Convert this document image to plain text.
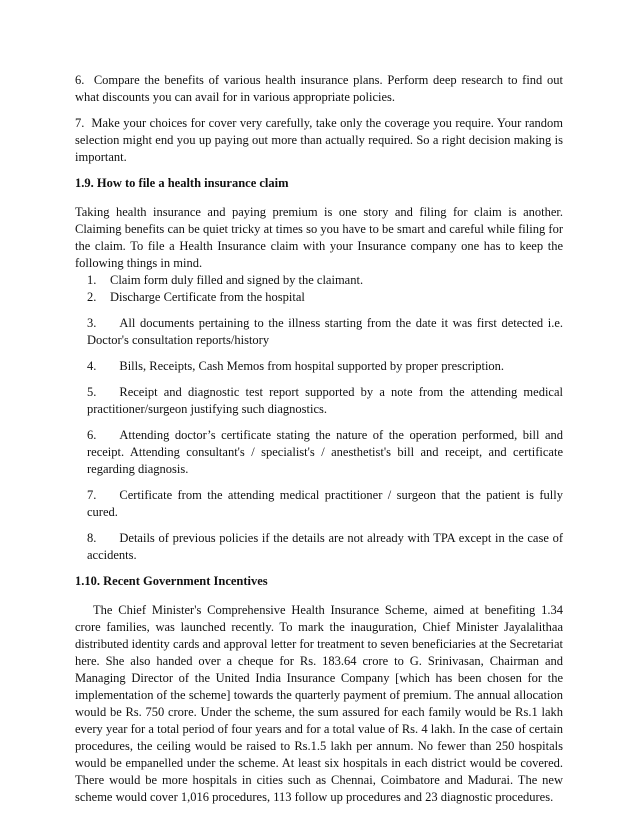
6. Compare the benefits of various health insurance plans. Perform deep research to find out what discounts you can avail for in various appropriate policies.

7. Make your choices for cover very carefully, take only the coverage you require. Your random selection might end you up paying out more than actually required. So a right decision making is important.

1.9. How to file a health insurance claim

Taking health insurance and paying premium is one story and filing for claim is another. Claiming benefits can be quiet tricky at times so you have to be smart and careful while filing for the claim. To file a Health Insurance claim with your Insurance company one has to keep the following things in mind.

1.	Claim form duly filled and signed by the claimant.
2.	Discharge Certificate from the hospital

3. All documents pertaining to the illness starting from the date it was first detected i.e. Doctor's consultation reports/history

4. Bills, Receipts, Cash Memos from hospital supported by proper prescription.

5. Receipt and diagnostic test report supported by a note from the attending medical practitioner/surgeon justifying such diagnostics.

6. Attending doctor’s certificate stating the nature of the operation performed, bill and receipt. Attending consultant's / specialist's / anesthetist's bill and receipt, and certificate regarding diagnosis.

7. Certificate from the attending medical practitioner / surgeon that the patient is fully cured.

8. Details of previous policies if the details are not already with TPA except in the case of accidents.

1.10. Recent Government Incentives

The Chief Minister's Comprehensive Health Insurance Scheme, aimed at benefiting 1.34 crore families, was launched recently. To mark the inauguration, Chief Minister Jayalalithaa distributed identity cards and approval letter for treatment to seven beneficiaries at the Secretariat here. She also handed over a cheque for Rs. 183.64 crore to G. Srinivasan, Chairman and Managing Director of the United India Insurance Company [which has been chosen for the implementation of the scheme] towards the quarterly payment of premium. The annual allocation would be Rs. 750 crore. Under the scheme, the sum assured for each family would be Rs.1 lakh every year for a total period of four years and for a total value of Rs. 4 lakh. In the case of certain procedures, the ceiling would be raised to Rs.1.5 lakh per annum. No fewer than 250 hospitals would be empanelled under the scheme. At least six hospitals in each district would be covered. There would be more hospitals in cities such as Chennai, Coimbatore and Madurai. The new scheme would cover 1,016 procedures, 113 follow up procedures and 23 diagnostic procedures.
